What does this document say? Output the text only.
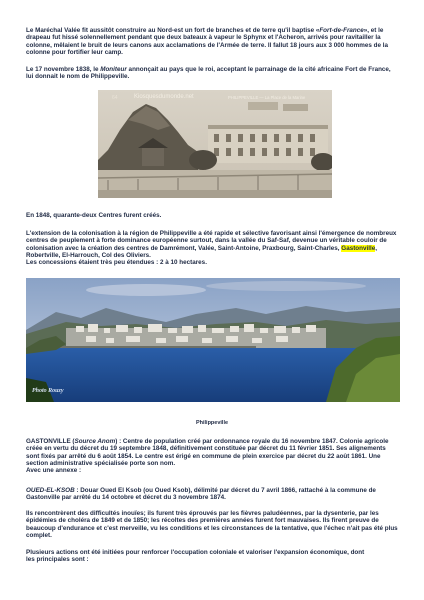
Le Maréchal Valée fit aussitôt construire au Nord-est un fort de branches et de terre qu'il baptise «Fort-de-France», et le drapeau fut hissé solennellement pendant que deux bateaux à vapeur le Sphynx et l'Acheron, arrivés pour ravitailler la colonne, mêlaient le bruit de leurs canons aux acclamations de l'Armée de terre. Il fallut 18 jours aux 3 000 hommes de la colonne pour fortifier leur camp.

Le 17 novembre 1838, le Moniteur annonçait au pays que le roi, acceptant le parrainage de la cité africaine Fort de France, lui donnait le nom de Philippeville.

64	Kiosquesdumonde.net	PHILIPPEVILLE — La Place de la Marine

En 1848, quarante-deux Centres furent créés.

L'extension de la colonisation à la région de Philippeville a été rapide et sélective favorisant ainsi l'émergence de nombreux centres de peuplement à forte dominance européenne surtout, dans la vallée du Saf-Saf, devenue un véritable couloir de colonisation avec la création des centres de Damrémont, Valée, Saint-Antoine, Praxbourg, Saint-Charles, Gastonville, Robertville, El-Harrouch, Col des Oliviers.
Les concessions étaient très peu étendues : 2 à 10 hectares.

Photo Rouzy
Philippeville

GASTONVILLE (Source Anom) : Centre de population créé par ordonnance royale du 16 novembre 1847. Colonie agricole créée en vertu du décret du 19 septembre 1848, définitivement constituée par décret du 11 février 1851. Ses alignements sont fixés par arrêté du 6 août 1854. Le centre est érigé en commune de plein exercice par décret du 22 août 1861. Une section administrative spécialisée porte son nom.
Avec une annexe :

OUED-EL-KSOB : Douar Oued El Ksob (ou Oued Ksob), délimité par décret du 7 avril 1866, rattaché à la commune de Gastonville par arrêté du 14 octobre et décret du 3 novembre 1874.

Ils rencontrèrent des difficultés inouïes; ils furent très éprouvés par les fièvres paludéennes, par la dysenterie, par les épidémies de choléra de 1849 et de 1850; les récoltes des premières années furent fort mauvaises. Ils firent preuve de beaucoup d'endurance et c'est merveille, vu les conditions et les circonstances de la tentative, que l'échec n'ait pas été plus complet.

Plusieurs actions ont été initiées pour renforcer l'occupation coloniale et valoriser l'expansion économique, dont
les principales sont :
